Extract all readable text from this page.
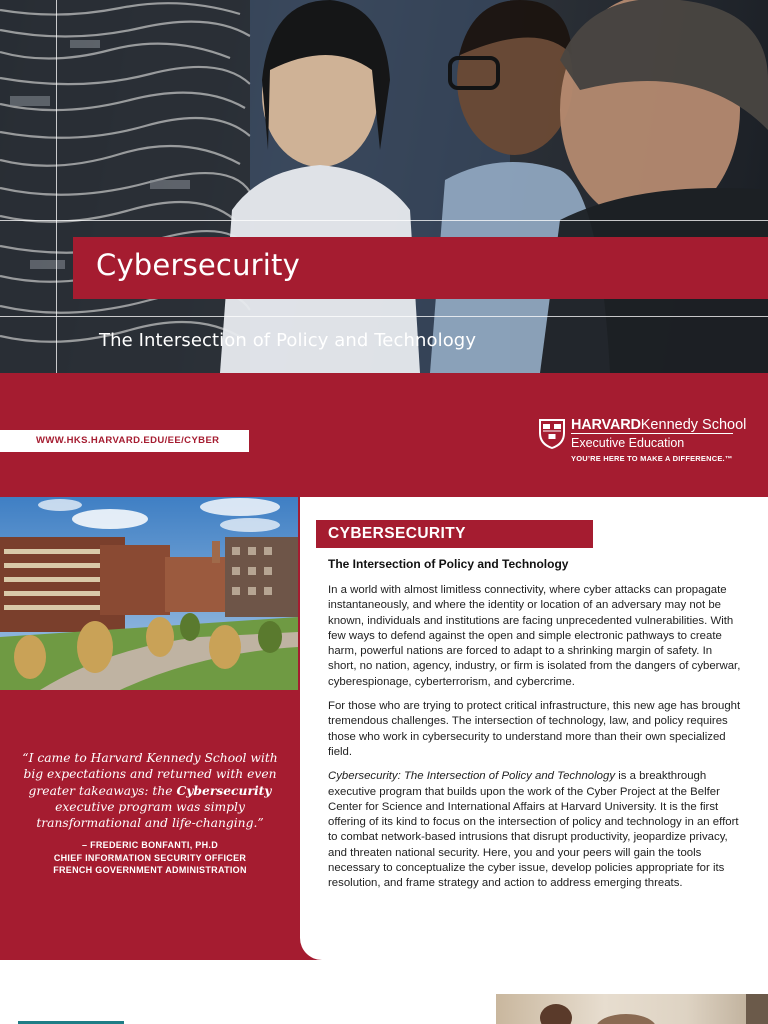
Cybersecurity
The Intersection of Policy and Technology
WWW.HKS.HARVARD.EDU/EE/CYBER
HARVARDKennedy School
Executive Education
YOU’RE HERE TO MAKE A DIFFERENCE.™
“I came to Harvard Kennedy School with big expectations and returned with even greater takeaways: the Cybersecurity executive program was simply transformational and life-changing.”
– FREDERIC BONFANTI, PH.D
CHIEF INFORMATION SECURITY OFFICER
FRENCH GOVERNMENT ADMINISTRATION
CYBERSECURITY
The Intersection of Policy and Technology

In a world with almost limitless connectivity, where cyber attacks can propagate instantaneously, and where the identity or location of an adversary may not be known, individuals and institutions are facing unprecedented vulnerabilities. With few ways to defend against the open and simple electronic pathways to create harm, powerful nations are forced to adapt to a shrinking margin of safety. In short, no nation, agency, industry, or firm is isolated from the dangers of cyberwar, cyberespionage, cyberterrorism, and cybercrime.

For those who are trying to protect critical infrastructure, this new age has brought tremendous challenges. The intersection of technology, law, and policy requires those who work in cybersecurity to understand more than their own specialized field.

Cybersecurity: The Intersection of Policy and Technology is a breakthrough executive program that builds upon the work of the Cyber Project at the Belfer Center for Science and International Affairs at Harvard University. It is the first offering of its kind to focus on the intersection of policy and technology in an effort to combat network-based intrusions that disrupt productivity, jeopardize privacy, and threaten national security. Here, you and your peers will gain the tools necessary to conceptualize the cyber issue, develop policies appropriate for its resolution, and frame strategy and action to address emerging threats.
